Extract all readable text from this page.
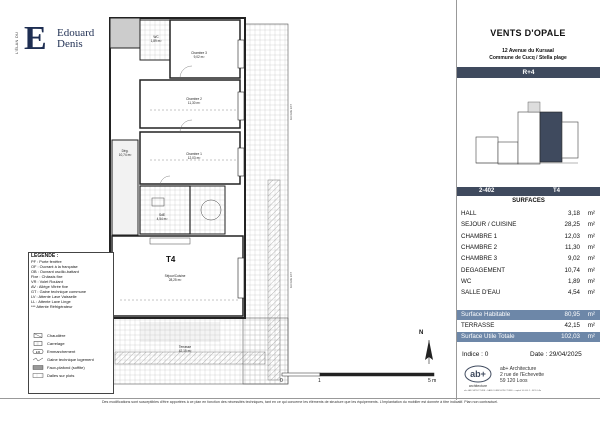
L'ÉLAN DU E Edouard
Denis
Chambre 3
9,02 m²
Chambre 2
11,30 m²
Chambre 1
12,03 m²
WC
1,89 m²
Dég.
10,74 m²
SdE
4,54 m²
T4
Séjour/Cuisine
28,25 m²
Terrasse
42,15 m²
FACADE EST
FACADE EST
0	1	5 m
N
LEGENDE :
PF : Porte fenêtre
OF : Ouvrant à la française
OB : Ouvrant oscillo-battant
Fixe : Châssis fixe
VR : Volet Roulant
AV : Allège Vitrée fixe
GT : Gaine technique commune
LV : Attente Lave Vaisselle
LL : Attente Lave Linge
*** Attente Réfrigérateur
Chaudière
Carrelage
EM Emmarchement
Gaine technique logement
Faux-plafond (soffite)
Dalles sur plots
VENTS D'OPALE
12 Avenue du Kursaal
Commune de Cucq / Stella plage
R+4
2-402	T4
SURFACES
HALL	3,18 m²
SEJOUR / CUISINE	28,25 m²
CHAMBRE 1	12,03 m²
CHAMBRE 2	11,30 m²
CHAMBRE 3	9,02 m²
DEGAGEMENT	10,74 m²
WC	1,89 m²
SALLE D'EAU	4,54 m²
Surface Habitable	80,95 m²
TERRASSE	42,15 m²
Surface Utile Totale	102,03 m²
Indice : 0	Date : 29/04/2025
ab+
architecture
ab+ Architecture
2 rue de l'Echevette
59 120 Loos
ab+ ARCHITECTURE - SARL D'ARCHITECTURE - capital 10 000 € - RCS Lille
Des modifications sont susceptibles d'être apportées à ce plan en fonction des nécessités techniques, tant en ce qui concerne les éléments de structure que les équipements. L'implantation du mobilier est donnée à titre indicatif. Plan non contractuel.
